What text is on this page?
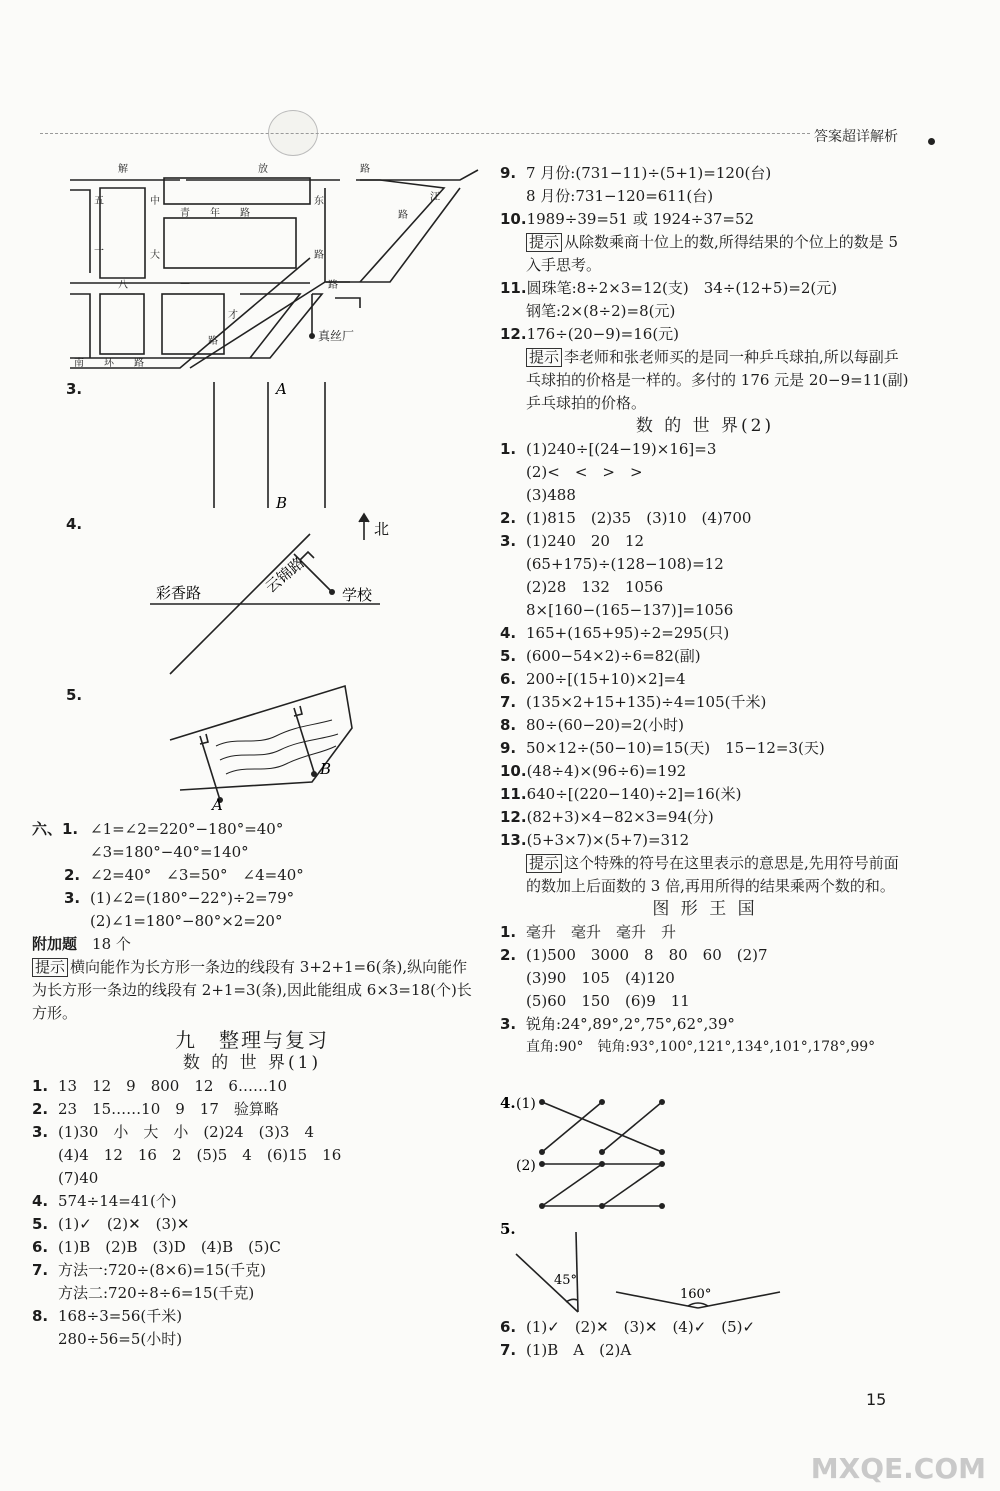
答案超详解析
解	放	路
五
一
中
大
东
路
青 年 路
八	一	路
才
路
南 环 路
路
江
真丝厂
3.	A
B
4.	北
云锦路
彩香路	学校
5.
B
A
六、1. ∠1=∠2=220°−180°=40°
∠3=180°−40°=140°
2. ∠2=40°　∠3=50°　∠4=40°
3. (1)∠2=(180°−22°)÷2=79°
(2)∠1=180°−80°×2=20°
附加题　 18 个
提示 横向能作为长方形一条边的线段有 3+2+1=6(条),纵向能作为长方形一条边的线段有 2+1=3(条),因此能组成 6×3=18(个)长方形。
九　整理与复习
数 的 世 界(1)
1. 13　12　9　800　12　6……10
2. 23　15……10　9　17　验算略
3. (1)30　小　大　小　(2)24　(3)3　4
(4)4　12　16　2　(5)5　4　(6)15　16
(7)40
4. 574÷14=41(个)
5. (1)✓　(2)✕　(3)✕
6. (1)B　(2)B　(3)D　(4)B　(5)C
7. 方法一:720÷(8×6)=15(千克)
方法二:720÷8÷6=15(千克)
8. 168÷3=56(千米)
280÷56=5(小时)
9. 7 月份:(731−11)÷(5+1)=120(台)
8 月份:731−120=611(台)
10.1989÷39=51 或 1924÷37=52
提示 从除数乘商十位上的数,所得结果的个位上的数是 5 入手思考。
11.圆珠笔:8÷2×3=12(支)　34÷(12+5)=2(元)
钢笔:2×(8÷2)=8(元)
12.176÷(20−9)=16(元)
提示 李老师和张老师买的是同一种乒乓球拍,所以每副乒乓球拍的价格是一样的。多付的 176 元是 20−9=11(副)乒乓球拍的价格。
数 的 世 界(2)
1. (1)240÷[(24−19)×16]=3
(2)<　<　>　>
(3)488
2. (1)815　(2)35　(3)10　(4)700
3. (1)240　20　12
(65+175)÷(128−108)=12
(2)28　132　1056
8×[160−(165−137)]=1056
4. 165+(165+95)÷2=295(只)
5. (600−54×2)÷6=82(副)
6. 200÷[(15+10)×2]=4
7. (135×2+15+135)÷4=105(千米)
8. 80÷(60−20)=2(小时)
9. 50×12÷(50−10)=15(天)　15−12=3(天)
10.(48÷4)×(96÷6)=192
11.640÷[(220−140)÷2]=16(米)
12.(82+3)×4−82×3=94(分)
13.(5+3×7)×(5+7)=312
提示 这个特殊的符号在这里表示的意思是,先用符号前面的数加上后面数的 3 倍,再用所得的结果乘两个数的和。
图 形 王 国
1. 毫升　毫升　毫升　升
2. (1)500　3000　8　80　60　(2)7
(3)90　105　(4)120
(5)60　150　(6)9　11
3. 锐角:24°,89°,2°,75°,62°,39°
直角:90°　钝角:93°,100°,121°,134°,101°,178°,99°
4. (1)
(2)
5.
45°
160°
6. (1)✓　(2)✕　(3)✕　(4)✓　(5)✓
7. (1)B　A　(2)A
15
MXQE.COM
